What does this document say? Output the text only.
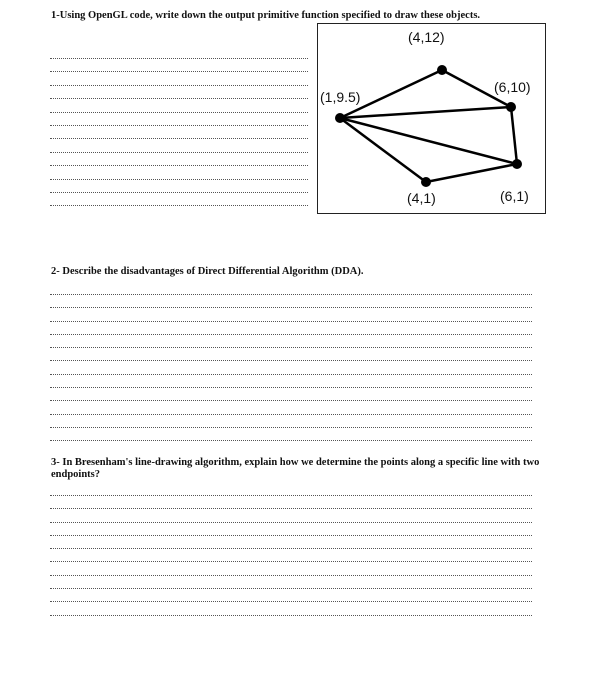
1-Using OpenGL code, write down the output primitive function specified to draw these objects.

(1,9.5)
(4,12)
(6,10)
(6,1)
(4,1)

2- Describe the disadvantages of Direct Differential Algorithm (DDA).

3- In Bresenham's line-drawing algorithm, explain how we determine the points along a specific line with two endpoints?
